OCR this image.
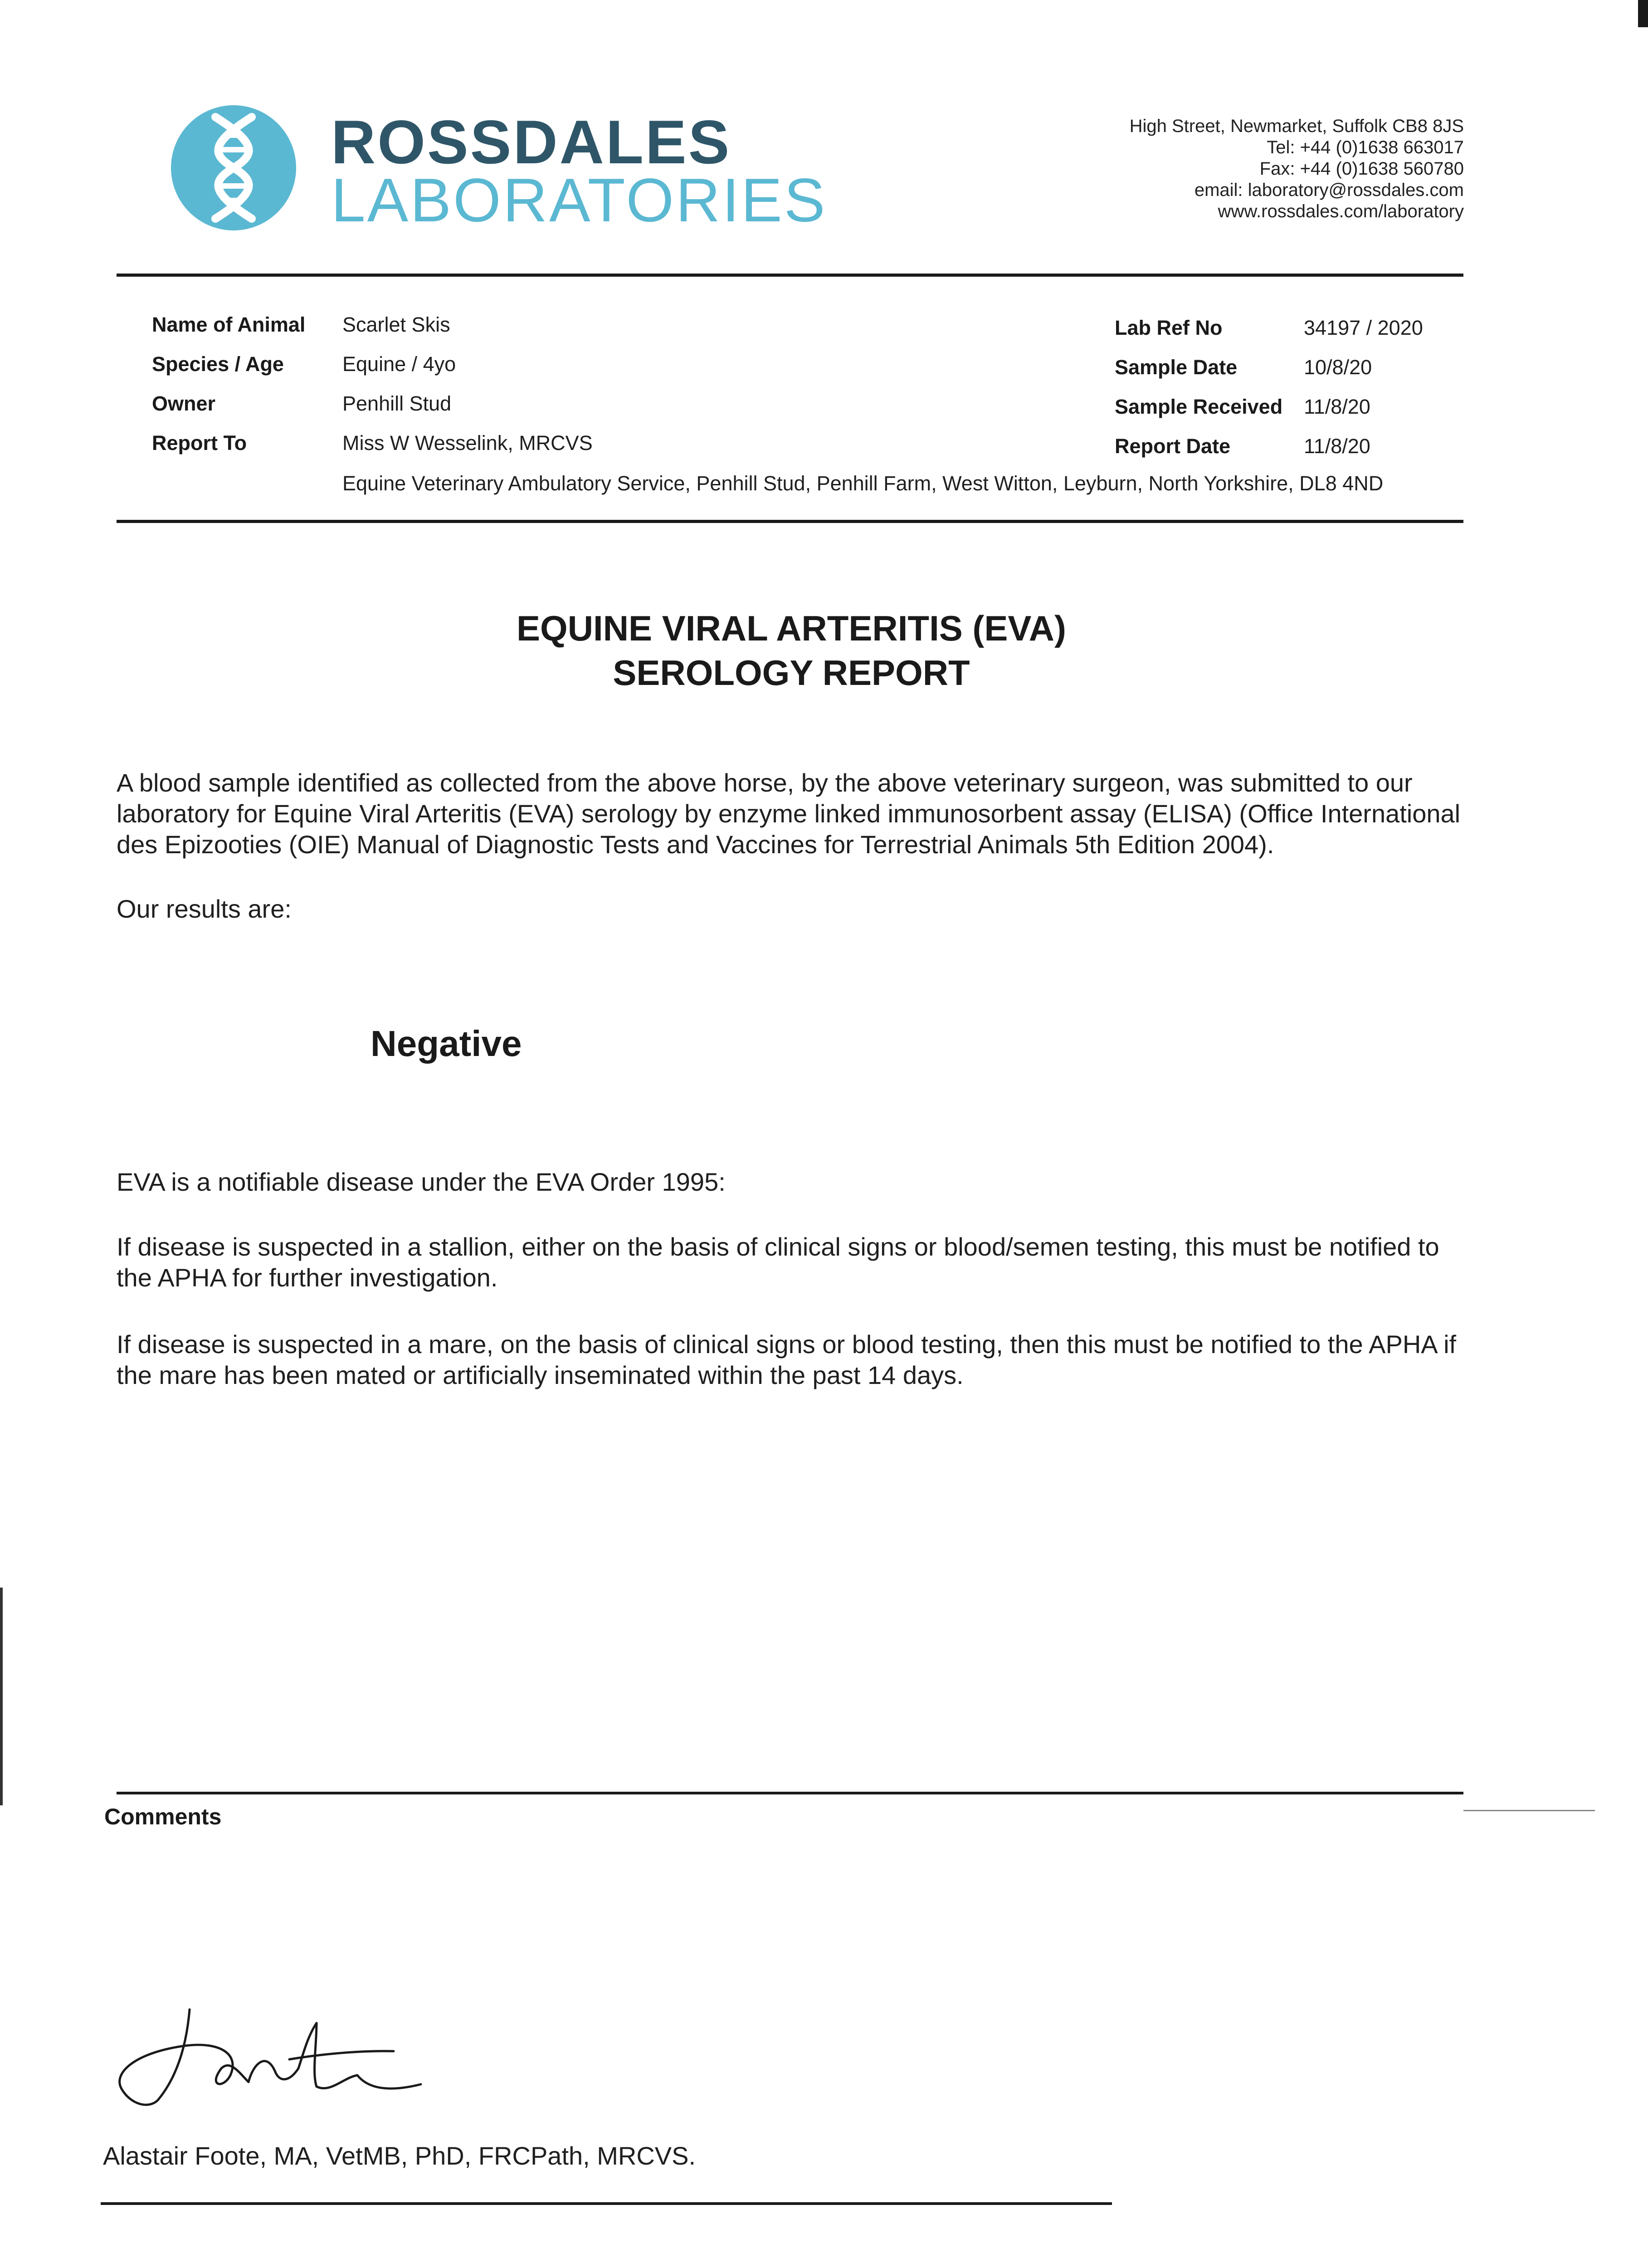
ROSSDALES
LABORATORIES
High Street, Newmarket, Suffolk CB8 8JS
Tel: +44 (0)1638 663017
Fax: +44 (0)1638 560780
email: laboratory@rossdales.com
www.rossdales.com/laboratory
Name of Animal Scarlet Skis
Species / Age	Equine / 4yo
Owner	Penhill Stud
Report To	Miss W Wesselink, MRCVS
Lab Ref No	34197 / 2020
Sample Date	10/8/20
Sample Received 11/8/20
Report Date	11/8/20
Equine Veterinary Ambulatory Service, Penhill Stud, Penhill Farm, West Witton, Leyburn, North Yorkshire, DL8 4ND
EQUINE VIRAL ARTERITIS (EVA)
SEROLOGY REPORT
A blood sample identified as collected from the above horse, by the above veterinary surgeon, was submitted to our laboratory for Equine Viral Arteritis (EVA) serology by enzyme linked immunosorbent assay (ELISA) (Office International des Epizooties (OIE) Manual of Diagnostic Tests and Vaccines for Terrestrial Animals 5th Edition 2004).
Our results are:
Negative
EVA is a notifiable disease under the EVA Order 1995:
If disease is suspected in a stallion, either on the basis of clinical signs or blood/semen testing, this must be notified to the APHA for further investigation.
If disease is suspected in a mare, on the basis of clinical signs or blood testing, then this must be notified to the APHA if the mare has been mated or artificially inseminated within the past 14 days.
Comments
Alastair Foote, MA, VetMB, PhD, FRCPath, MRCVS.
